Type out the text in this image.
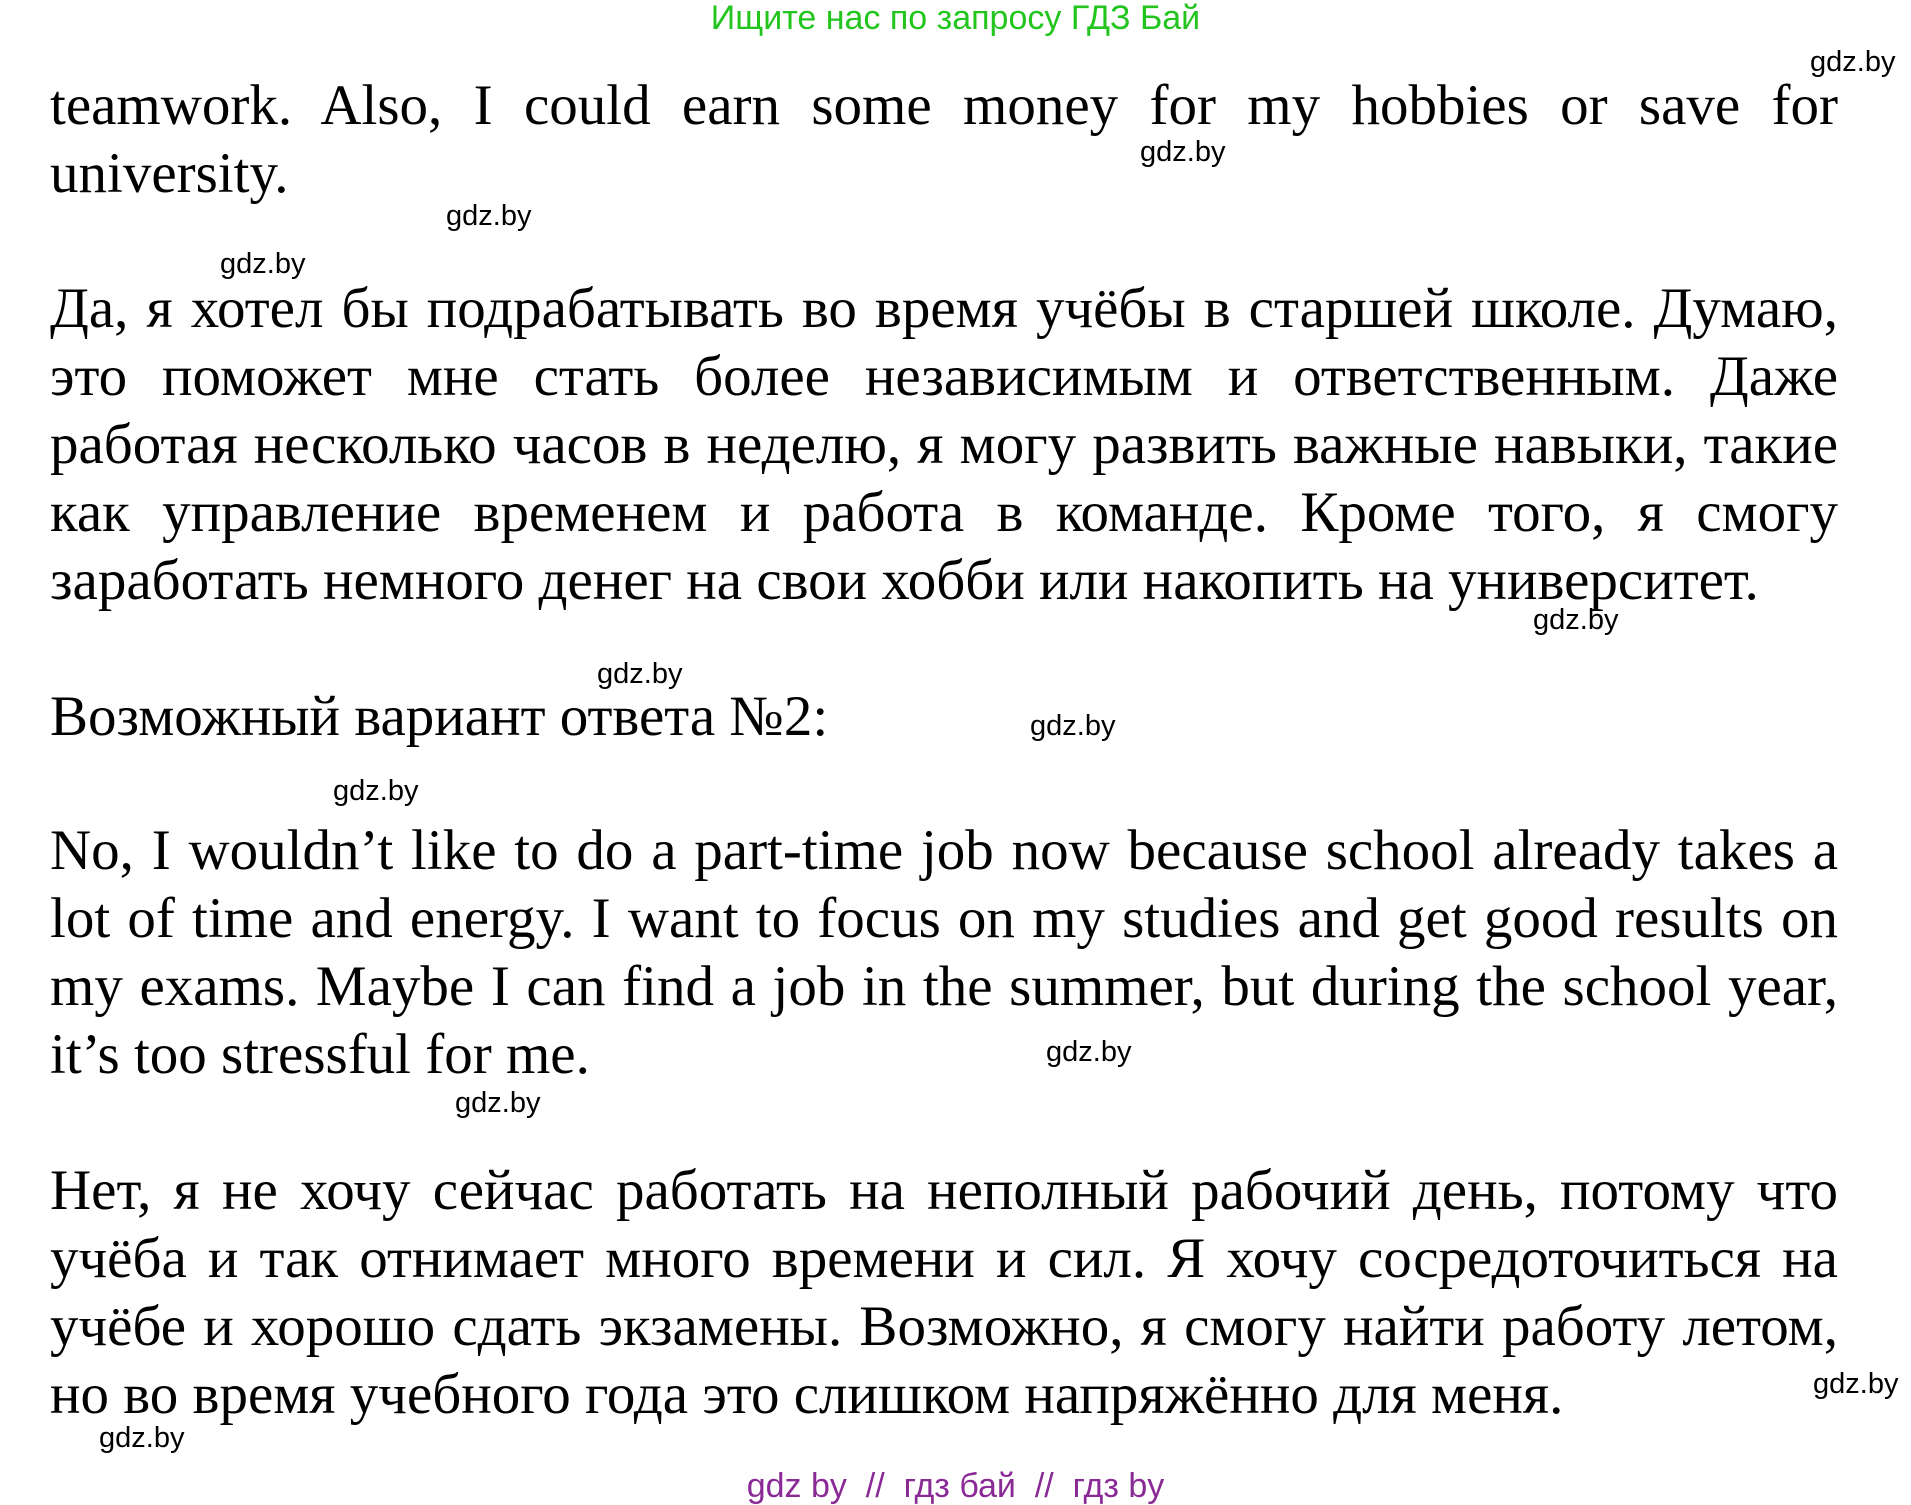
Ищите нас по запросу ГДЗ Бай

teamwork. Also, I could earn some money for my hobbies or save for university.

Да, я хотел бы подрабатывать во время учёбы в старшей школе. Думаю, это поможет мне стать более независимым и ответственным. Даже работая несколько часов в неделю, я могу развить важные навыки, такие как управление временем и работа в команде. Кроме того, я смогу заработать немного денег на свои хобби или накопить на университет.

Возможный вариант ответа №2:

No, I wouldn’t like to do a part-time job now because school already takes a lot of time and energy. I want to focus on my studies and get good results on my exams. Maybe I can find a job in the summer, but during the school year, it’s too stressful for me.

Нет, я не хочу сейчас работать на неполный рабочий день, потому что учёба и так отнимает много времени и сил. Я хочу сосредоточиться на учёбе и хорошо сдать экзамены. Возможно, я смогу найти работу летом, но во время учебного года это слишком напряжённо для меня.

gdz.by
gdz.by
gdz.by
gdz.by
gdz.by
gdz.by
gdz.by
gdz.by
gdz.by
gdz.by
gdz.by
gdz.by
gdz by  //  гдз бай  //  гдз by
